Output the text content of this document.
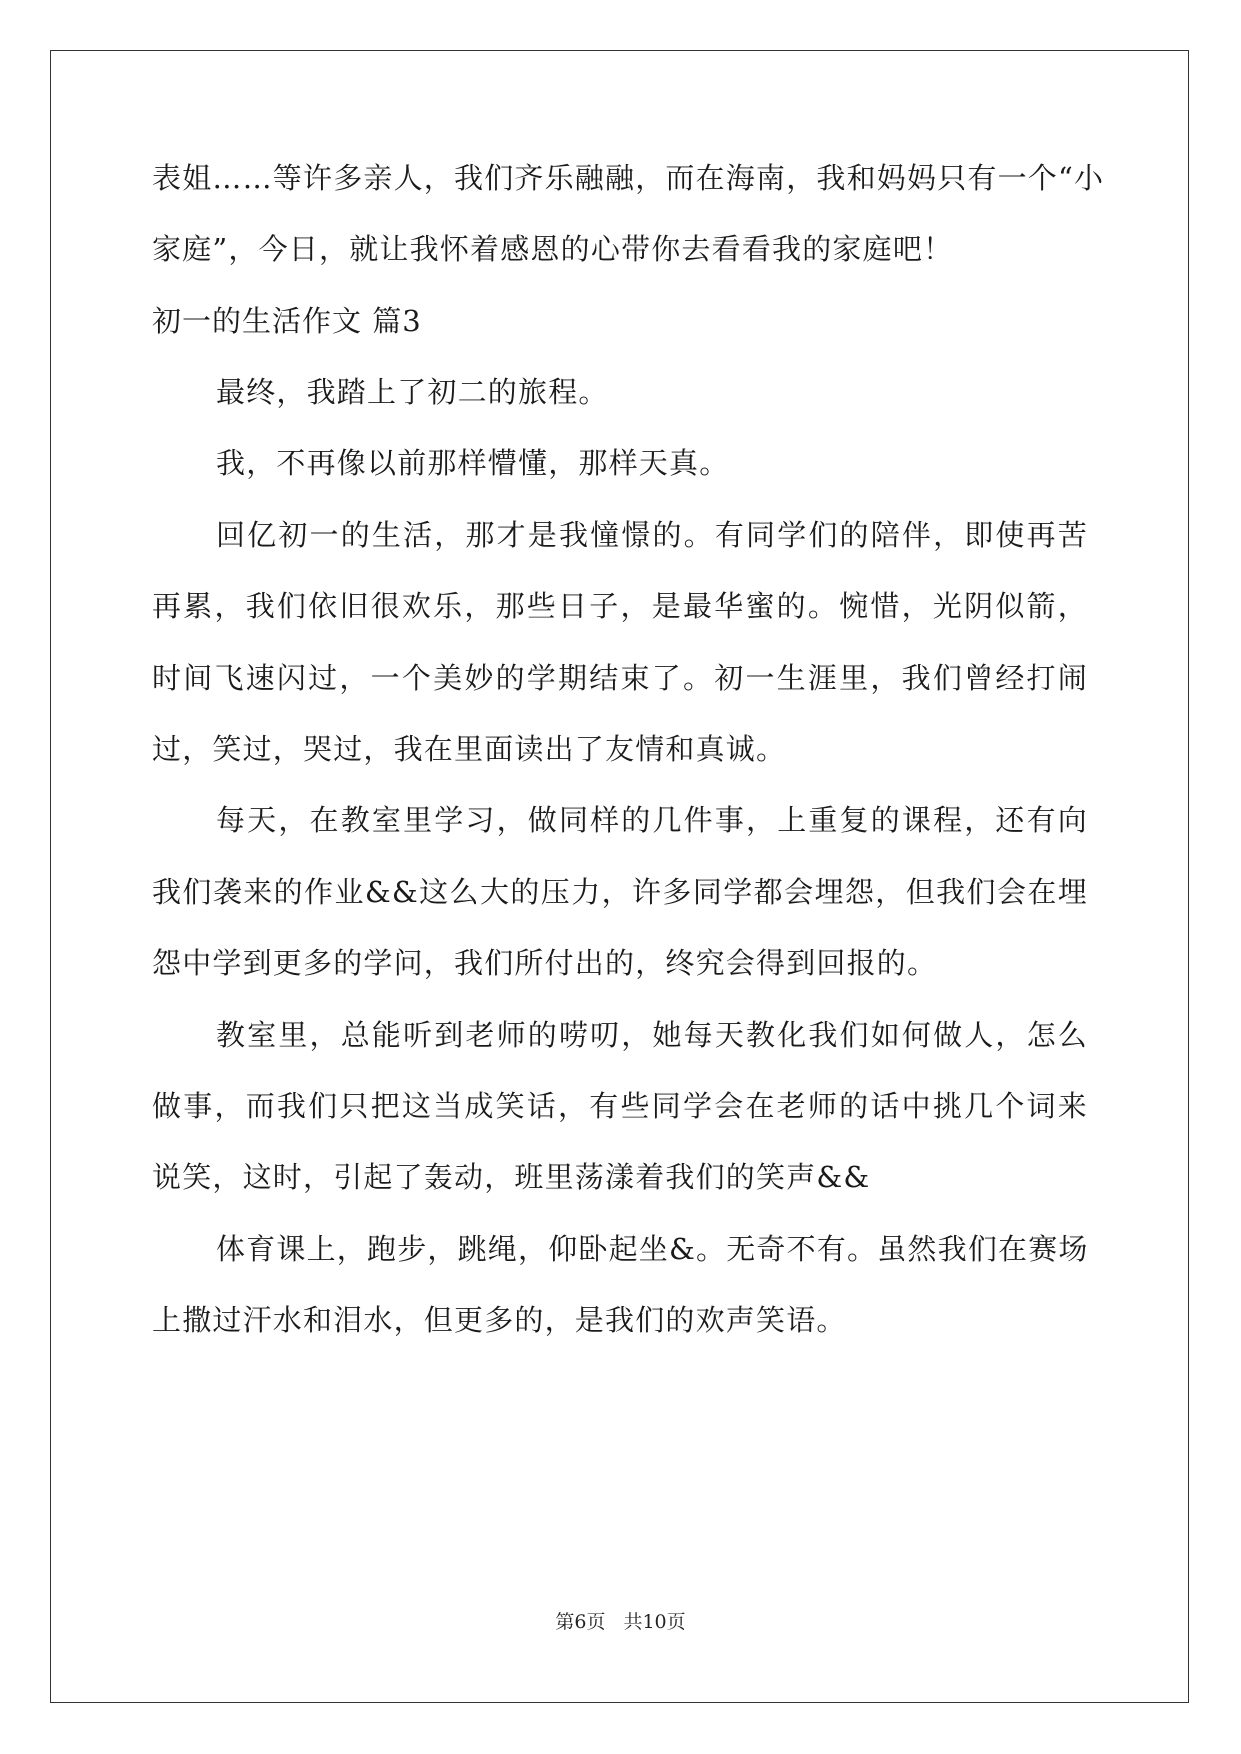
表姐……等许多亲人，我们齐乐融融，而在海南，我和妈妈只有一个“小
家庭”，今日，就让我怀着感恩的心带你去看看我的家庭吧！
初一的生活作文 篇3
最终，我踏上了初二的旅程。
我，不再像以前那样懵懂，那样天真。
回亿初一的生活，那才是我憧憬的。有同学们的陪伴，即使再苦
再累，我们依旧很欢乐，那些日子，是最华蜜的。惋惜，光阴似箭，
时间飞速闪过，一个美妙的学期结束了。初一生涯里，我们曾经打闹
过，笑过，哭过，我在里面读出了友情和真诚。
每天，在教室里学习，做同样的几件事，上重复的课程，还有向
我们袭来的作业&&这么大的压力，许多同学都会埋怨，但我们会在埋
怨中学到更多的学问，我们所付出的，终究会得到回报的。
教室里，总能听到老师的唠叨，她每天教化我们如何做人，怎么
做事，而我们只把这当成笑话，有些同学会在老师的话中挑几个词来
说笑，这时，引起了轰动，班里荡漾着我们的笑声&&
体育课上，跑步，跳绳，仰卧起坐&。无奇不有。虽然我们在赛场
上撒过汗水和泪水，但更多的，是我们的欢声笑语。
第6页 共10页
